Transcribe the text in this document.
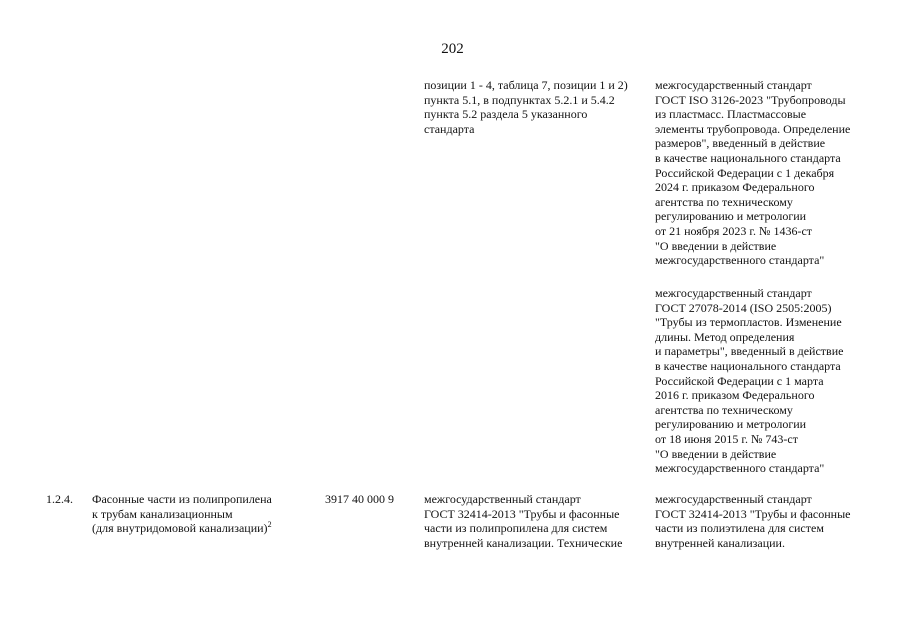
202
позиции 1 - 4, таблица 7, позиции 1 и 2)
пункта 5.1, в подпунктах 5.2.1 и 5.4.2
пункта 5.2 раздела 5 указанного
стандарта
межгосударственный стандарт
ГОСТ ISO 3126-2023 "Трубопроводы
из пластмасс. Пластмассовые
элементы трубопровода. Определение
размеров", введенный в действие
в качестве национального стандарта
Российской Федерации с 1 декабря
2024 г. приказом Федерального
агентства по техническому
регулированию и метрологии
от 21 ноября 2023 г. № 1436-ст
"О введении в действие
межгосударственного стандарта"
межгосударственный стандарт
ГОСТ 27078-2014 (ISO 2505:2005)
"Трубы из термопластов. Изменение
длины. Метод определения
и параметры", введенный в действие
в качестве национального стандарта
Российской Федерации с 1 марта
2016 г. приказом Федерального
агентства по техническому
регулированию и метрологии
от 18 июня 2015 г. № 743-ст
"О введении в действие
межгосударственного стандарта"
1.2.4.	Фасонные части из полипропилена
к трубам канализационным
(для внутридомовой канализации)$^2$
3917 40 000 9	межгосударственный стандарт
ГОСТ 32414-2013 "Трубы и фасонные
части из полипропилена для систем
внутренней канализации. Технические
межгосударственный стандарт
ГОСТ 32414-2013 "Трубы и фасонные
части из полиэтилена для систем
внутренней канализации.
